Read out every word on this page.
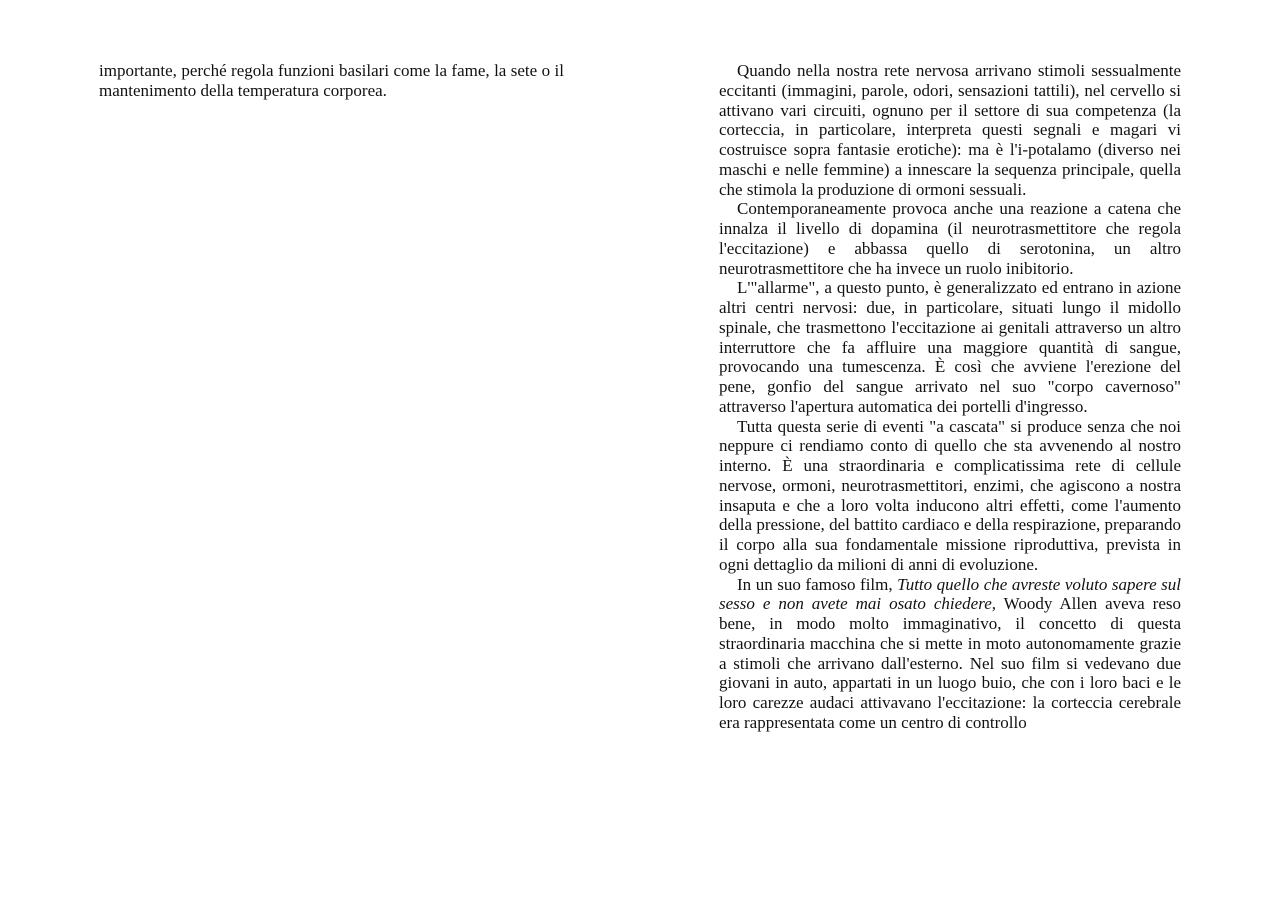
importante, perché regola funzioni basilari come la fame, la sete o il mantenimento della temperatura corporea.

Quando nella nostra rete nervosa arrivano stimoli sessualmente eccitanti (immagini, parole, odori, sensazioni tattili), nel cervello si attivano vari circuiti, ognuno per il settore di sua competenza (la corteccia, in particolare, interpreta questi segnali e magari vi costruisce sopra fantasie erotiche): ma è l'i-potalamo (diverso nei maschi e nelle femmine) a innescare la sequenza principale, quella che stimola la produzione di ormoni sessuali.

Contemporaneamente provoca anche una reazione a catena che innalza il livello di dopamina (il neurotrasmettitore che regola l'eccitazione) e abbassa quello di serotonina, un altro neurotrasmettitore che ha invece un ruolo inibitorio.

L'"allarme", a questo punto, è generalizzato ed entrano in azione altri centri nervosi: due, in particolare, situati lungo il midollo spinale, che trasmettono l'eccitazione ai genitali attraverso un altro interruttore che fa affluire una maggiore quantità di sangue, provocando una tumescenza. È così che avviene l'erezione del pene, gonfio del sangue arrivato nel suo "corpo cavernoso" attraverso l'apertura automatica dei portelli d'ingresso.

Tutta questa serie di eventi "a cascata" si produce senza che noi neppure ci rendiamo conto di quello che sta avvenendo al nostro interno. È una straordinaria e complicatissima rete di cellule nervose, ormoni, neurotrasmettitori, enzimi, che agiscono a nostra insaputa e che a loro volta inducono altri effetti, come l'aumento della pressione, del battito cardiaco e della respirazione, preparando il corpo alla sua fondamentale missione riproduttiva, prevista in ogni dettaglio da milioni di anni di evoluzione.

In un suo famoso film, Tutto quello che avreste voluto sapere sul sesso e non avete mai osato chiedere, Woody Allen aveva reso bene, in modo molto immaginativo, il concetto di questa straordinaria macchina che si mette in moto autonomamente grazie a stimoli che arrivano dall'esterno. Nel suo film si vedevano due giovani in auto, appartati in un luogo buio, che con i loro baci e le loro carezze audaci attivavano l'eccitazione: la corteccia cerebrale era rappresentata come un centro di controllo
